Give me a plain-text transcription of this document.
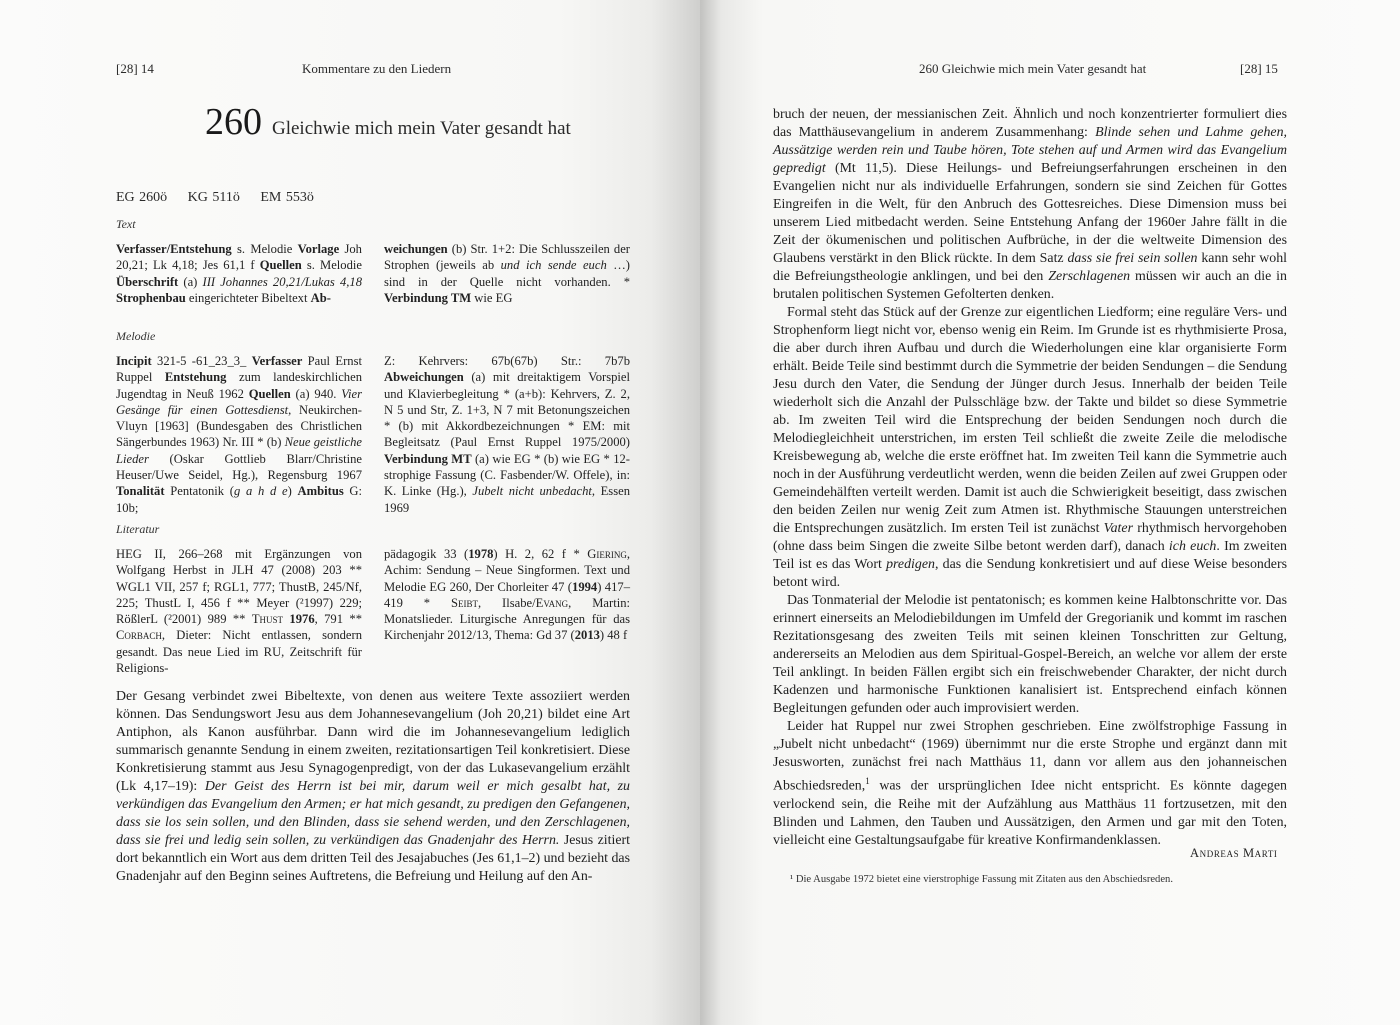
[28] 14	Kommentare zu den Liedern
260 Gleichwie mich mein Vater gesandt hat
EG 260ö KG 511ö EM 553ö
Text

Verfasser/Entstehung s. Melodie Vorlage Joh 20,21; Lk 4,18; Jes 61,1 f Quellen s. Melodie Überschrift (a) III Johannes 20,21/Lukas 4,18 Strophenbau eingerichteter Bibeltext Ab-

weichungen (b) Str. 1+2: Die Schlusszeilen der Strophen (jeweils ab und ich sende euch …) sind in der Quelle nicht vorhanden. * Verbindung TM wie EG

Melodie

Incipit 321-5 -61_23_3_ Verfasser Paul Ernst Ruppel Entstehung zum landeskirchlichen Jugendtag in Neuß 1962 Quellen (a) 940. Vier Gesänge für einen Gottesdienst, Neukirchen-Vluyn [1963] (Bundesgaben des Christlichen Sängerbundes 1963) Nr. III * (b) Neue geistliche Lieder (Oskar Gottlieb Blarr/Christine Heuser/Uwe Seidel, Hg.), Regensburg 1967 Tonalität Pentatonik (g a h d e) Ambitus G: 10b;

Z: Kehrvers: 67b(67b) Str.: 7b7b Abweichungen (a) mit dreitaktigem Vorspiel und Klavierbegleitung * (a+b): Kehrvers, Z. 2, N 5 und Str, Z. 1+3, N 7 mit Betonungszeichen * (b) mit Akkordbezeichnungen * EM: mit Begleitsatz (Paul Ernst Ruppel 1975/2000) Verbindung MT (a) wie EG * (b) wie EG * 12-strophige Fassung (C. Fasbender/W. Offele), in: K. Linke (Hg.), Jubelt nicht unbedacht, Essen 1969

Literatur

HEG II, 266–268 mit Ergänzungen von Wolfgang Herbst in JLH 47 (2008) 203 ** WGL1 VII, 257 f; RGL1, 777; ThustB, 245/Nf, 225; ThustL I, 456 f ** Meyer (²1997) 229; RößlerL (²2001) 989 ** Thust 1976, 791 ** Corbach, Dieter: Nicht entlassen, sondern gesandt. Das neue Lied im RU, Zeitschrift für Religions-

pädagogik 33 (1978) H. 2, 62 f * Giering, Achim: Sendung – Neue Singformen. Text und Melodie EG 260, Der Chorleiter 47 (1994) 417–419 * Seibt, Ilsabe/Evang, Martin: Monatslieder. Liturgische Anregungen für das Kirchenjahr 2012/13, Thema: Gd 37 (2013) 48 f

Der Gesang verbindet zwei Bibeltexte, von denen aus weitere Texte assoziiert werden können. Das Sendungswort Jesu aus dem Johannesevangelium (Joh 20,21) bildet eine Art Antiphon, als Kanon ausführbar. Dann wird die im Johannesevangelium lediglich summarisch genannte Sendung in einem zweiten, rezitationsartigen Teil konkretisiert. Diese Konkretisierung stammt aus Jesu Synagogenpredigt, von der das Lukasevangelium erzählt (Lk 4,17–19): Der Geist des Herrn ist bei mir, darum weil er mich gesalbt hat, zu verkündigen das Evangelium den Armen; er hat mich gesandt, zu predigen den Gefangenen, dass sie los sein sollen, und den Blinden, dass sie sehend werden, und den Zerschlagenen, dass sie frei und ledig sein sollen, zu verkündigen das Gnadenjahr des Herrn. Jesus zitiert dort bekanntlich ein Wort aus dem dritten Teil des Jesajabuches (Jes 61,1–2) und bezieht das Gnadenjahr auf den Beginn seines Auftretens, die Befreiung und Heilung auf den An-

260 Gleichwie mich mein Vater gesandt hat	[28] 15

bruch der neuen, der messianischen Zeit. Ähnlich und noch konzentrierter formuliert dies das Matthäusevangelium in anderem Zusammenhang: Blinde sehen und Lahme gehen, Aussätzige werden rein und Taube hören, Tote stehen auf und Armen wird das Evangelium gepredigt (Mt 11,5). Diese Heilungs- und Befreiungserfahrungen erscheinen in den Evangelien nicht nur als individuelle Erfahrungen, sondern sie sind Zeichen für Gottes Eingreifen in die Welt, für den Anbruch des Gottesreiches. Diese Dimension muss bei unserem Lied mitbedacht werden. Seine Entstehung Anfang der 1960er Jahre fällt in die Zeit der ökumenischen und politischen Aufbrüche, in der die weltweite Dimension des Glaubens verstärkt in den Blick rückte. In dem Satz dass sie frei sein sollen kann sehr wohl die Befreiungstheologie anklingen, und bei den Zerschlagenen müssen wir auch an die in brutalen politischen Systemen Gefolterten denken.

Formal steht das Stück auf der Grenze zur eigentlichen Liedform; eine reguläre Vers- und Strophenform liegt nicht vor, ebenso wenig ein Reim. Im Grunde ist es rhythmisierte Prosa, die aber durch ihren Aufbau und durch die Wiederholungen eine klar organisierte Form erhält. Beide Teile sind bestimmt durch die Symmetrie der beiden Sendungen – die Sendung Jesu durch den Vater, die Sendung der Jünger durch Jesus. Innerhalb der beiden Teile wiederholt sich die Anzahl der Pulsschläge bzw. der Takte und bildet so diese Symmetrie ab. Im zweiten Teil wird die Entsprechung der beiden Sendungen noch durch die Melodiegleichheit unterstrichen, im ersten Teil schließt die zweite Zeile die melodische Kreisbewegung ab, welche die erste eröffnet hat. Im zweiten Teil kann die Symmetrie auch noch in der Ausführung verdeutlicht werden, wenn die beiden Zeilen auf zwei Gruppen oder Gemeindehälften verteilt werden. Damit ist auch die Schwierigkeit beseitigt, dass zwischen den beiden Zeilen nur wenig Zeit zum Atmen ist. Rhythmische Stauungen unterstreichen die Entsprechungen zusätzlich. Im ersten Teil ist zunächst Vater rhythmisch hervorgehoben (ohne dass beim Singen die zweite Silbe betont werden darf), danach ich euch. Im zweiten Teil ist es das Wort predigen, das die Sendung konkretisiert und auf diese Weise besonders betont wird.

Das Tonmaterial der Melodie ist pentatonisch; es kommen keine Halbtonschritte vor. Das erinnert einerseits an Melodiebildungen im Umfeld der Gregorianik und kommt im raschen Rezitationsgesang des zweiten Teils mit seinen kleinen Tonschritten zur Geltung, andererseits an Melodien aus dem Spiritual-Gospel-Bereich, an welche vor allem der erste Teil anklingt. In beiden Fällen ergibt sich ein freischwebender Charakter, der nicht durch Kadenzen und harmonische Funktionen kanalisiert ist. Entsprechend einfach können Begleitungen gefunden oder auch improvisiert werden.

Leider hat Ruppel nur zwei Strophen geschrieben. Eine zwölfstrophige Fassung in „Jubelt nicht unbedacht“ (1969) übernimmt nur die erste Strophe und ergänzt dann mit Jesusworten, zunächst frei nach Matthäus 11, dann vor allem aus den johanneischen Abschiedsreden,$^1$ was der ursprünglichen Idee nicht entspricht. Es könnte dagegen verlockend sein, die Reihe mit der Aufzählung aus Matthäus 11 fortzusetzen, mit den Blinden und Lahmen, den Tauben und Aussätzigen, den Armen und gar mit den Toten, vielleicht eine Gestaltungsaufgabe für kreative Konfirmandenklassen.

Andreas Marti
¹ Die Ausgabe 1972 bietet eine vierstrophige Fassung mit Zitaten aus den Abschiedsreden.
